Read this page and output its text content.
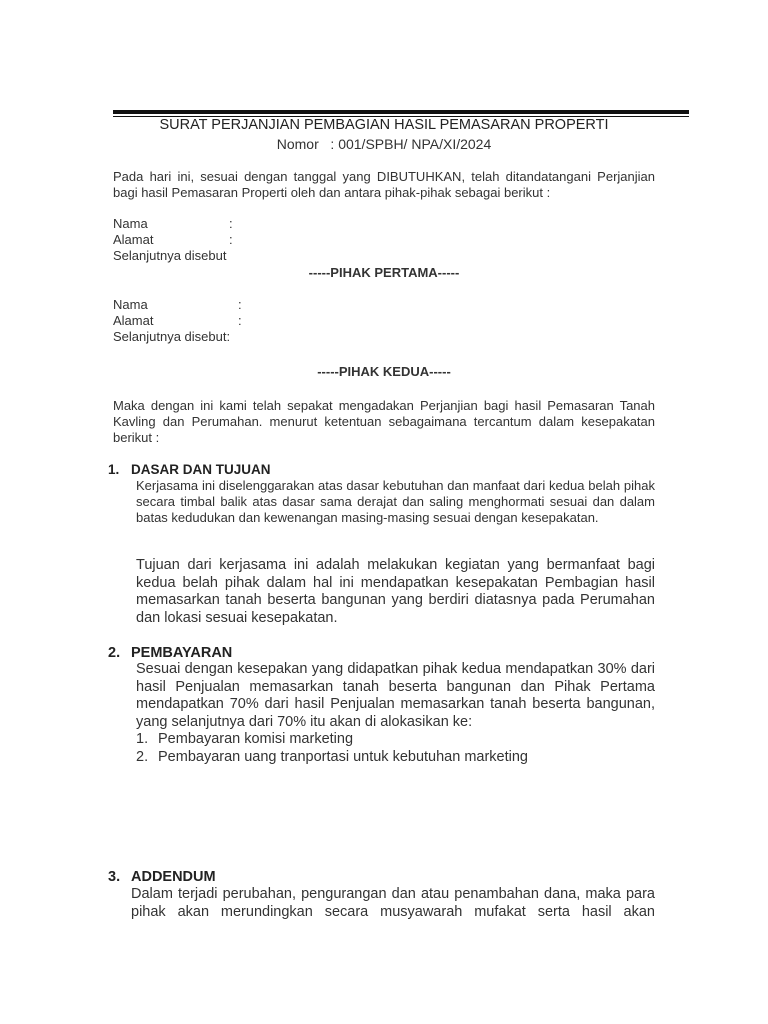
SURAT PERJANJIAN PEMBAGIAN HASIL PEMASARAN PROPERTI
Nomor   : 001/SPBH/ NPA/XI/2024

Pada hari ini, sesuai dengan tanggal yang DIBUTUHKAN, telah ditandatangani Perjanjian bagi hasil Pemasaran Properti oleh dan antara pihak-pihak sebagai berikut :

Nama	:
Alamat	:
Selanjutnya disebut
-----PIHAK PERTAMA-----
Nama	:
Alamat	:
Selanjutnya disebut:
-----PIHAK KEDUA-----

Maka dengan ini kami telah sepakat mengadakan Perjanjian bagi hasil Pemasaran Tanah Kavling dan Perumahan. menurut ketentuan sebagaimana tercantum dalam kesepakatan berikut :

1. DASAR DAN TUJUAN

Kerjasama ini diselenggarakan atas dasar kebutuhan dan manfaat dari kedua belah pihak secara timbal balik atas dasar sama derajat dan saling menghormati sesuai dan dalam batas kedudukan dan kewenangan masing-masing sesuai dengan kesepakatan.

Tujuan dari kerjasama ini adalah melakukan kegiatan yang bermanfaat bagi kedua belah pihak dalam hal ini mendapatkan kesepakatan Pembagian hasil memasarkan tanah beserta bangunan yang berdiri diatasnya pada Perumahan dan lokasi sesuai kesepakatan.

2. PEMBAYARAN

Sesuai dengan kesepakan yang didapatkan pihak kedua mendapatkan 30% dari hasil Penjualan memasarkan tanah beserta bangunan dan Pihak Pertama mendapatkan 70% dari hasil Penjualan memasarkan tanah beserta bangunan, yang selanjutnya dari 70% itu akan di alokasikan ke:

1. Pembayaran komisi marketing
2. Pembayaran uang tranportasi untuk kebutuhan marketing
3. ADDENDUM

Dalam terjadi perubahan, pengurangan dan atau penambahan dana, maka para pihak akan merundingkan secara musyawarah mufakat serta hasil akan
